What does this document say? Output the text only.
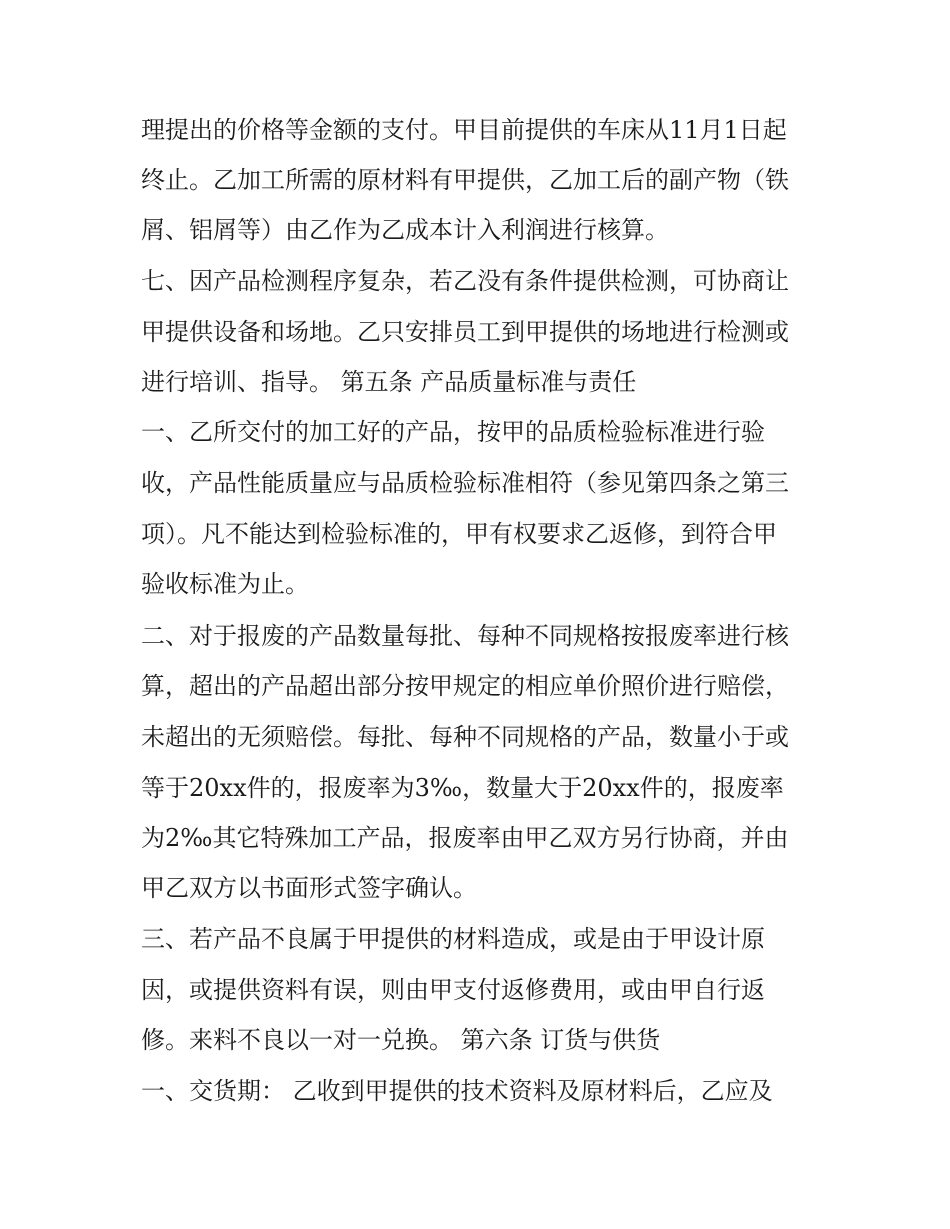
理提出的价格等金额的支付。甲目前提供的车床从11月1日起
终止。乙加工所需的原材料有甲提供，乙加工后的副产物（铁
屑、铝屑等）由乙作为乙成本计入利润进行核算。
七、因产品检测程序复杂，若乙没有条件提供检测，可协商让
甲提供设备和场地。乙只安排员工到甲提供的场地进行检测或
进行培训、指导。 第五条 产品质量标准与责任
一、乙所交付的加工好的产品，按甲的品质检验标准进行验
收，产品性能质量应与品质检验标准相符（参见第四条之第三
项）。凡不能达到检验标准的，甲有权要求乙返修，到符合甲
验收标准为止。
二、对于报废的产品数量每批、每种不同规格按报废率进行核
算，超出的产品超出部分按甲规定的相应单价照价进行赔偿，
未超出的无须赔偿。每批、每种不同规格的产品，数量小于或
等于20xx件的，报废率为3‰，数量大于20xx件的，报废率
为2‰其它特殊加工产品，报废率由甲乙双方另行协商，并由
甲乙双方以书面形式签字确认。
三、若产品不良属于甲提供的材料造成，或是由于甲设计原
因，或提供资料有误，则由甲支付返修费用，或由甲自行返
修。来料不良以一对一兑换。 第六条 订货与供货
一、交货期： 乙收到甲提供的技术资料及原材料后，乙应及
